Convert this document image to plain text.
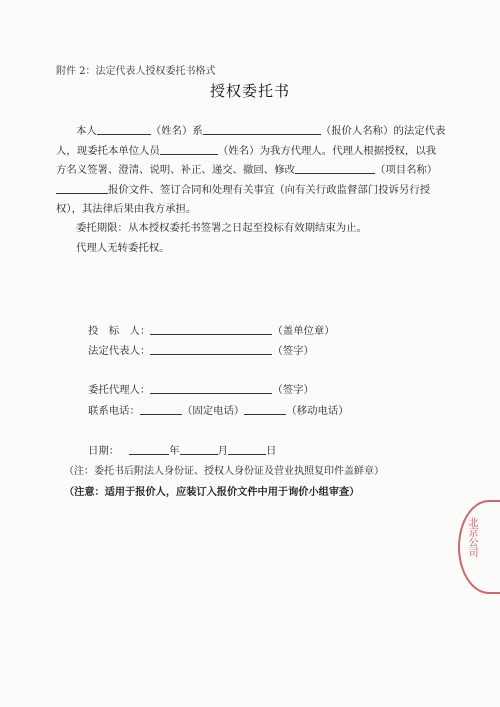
附件 2：法定代表人授权委托书格式
授权委托书
本人	（姓名）系	（报价人名称）的法定代表人，现委托本单位人员	（姓名）为我方代理人。代理人根据授权，以我方名义签署、澄清、说明、补正、递交、撤回、修改	（项目名称）报价文件、签订合同和处理有关事宜（向有关行政监督部门投诉另行授权），其法律后果由我方承担。
委托期限：从本授权委托书签署之日起至投标有效期结束为止。
代理人无转委托权。
投　标　人：	（盖单位章）
法定代表人：	（签字）
委托代理人：	（签字）
联系电话：	（固定电话）	（移动电话）
日期：	年	月	日
（注：委托书后附法人身份证、授权人身份证及营业执照复印件盖鲜章）
（注意：适用于报价人，应装订入报价文件中用于询价小组审查）
北京公司
